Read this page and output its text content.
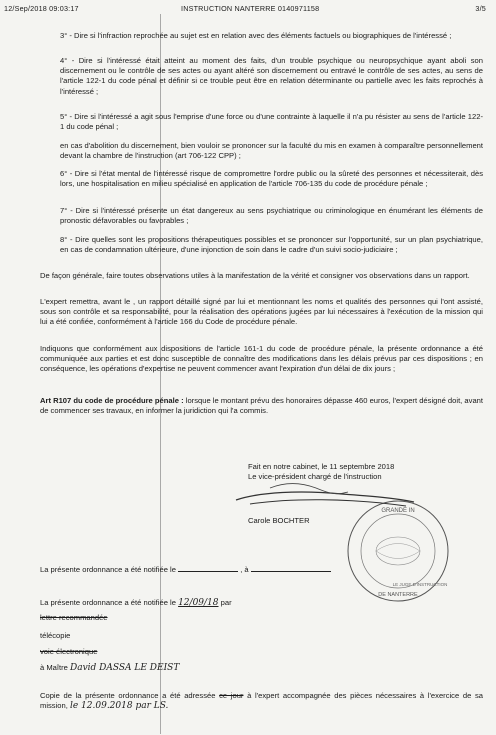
12/Sep/2018 09:03:17	INSTRUCTION NANTERRE 0140971158	3/5

3° - Dire si l'infraction reprochée au sujet est en relation avec des éléments factuels ou biographiques de l'intéressé ;

4° - Dire si l'intéressé était atteint au moment des faits, d'un trouble psychique ou neuropsychique ayant aboli son discernement ou le contrôle de ses actes ou ayant altéré son discernement ou entravé le contrôle de ses actes, au sens de l'article 122-1 du code pénal et définir si ce trouble peut être en relation déterminante ou partielle avec les faits reprochés à l'intéressé ;

5° - Dire si l'intéressé a agit sous l'emprise d'une force ou d'une contrainte à laquelle il n'a pu résister au sens de l'article 122-1 du code pénal ;

en cas d'abolition du discernement, bien vouloir se prononcer sur la faculté du mis en examen à comparaître personnellement devant la chambre de l'instruction (art 706-122 CPP) ;

6° - Dire si l'état mental de l'intéressé risque de compromettre l'ordre public ou la sûreté des personnes et nécessiterait, dès lors, une hospitalisation en milieu spécialisé en application de l'article 706-135 du code de procédure pénale ;

7° - Dire si l'intéressé présente un état dangereux au sens psychiatrique ou criminologique en énumérant les éléments de pronostic défavorables ou favorables ;

8° - Dire quelles sont les propositions thérapeutiques possibles et se prononcer sur l'opportunité, sur un plan psychiatrique, en cas de condamnation ultérieure, d'une injonction de soin dans le cadre d'un suivi socio-judiciaire ;

De façon générale, faire toutes observations utiles à la manifestation de la vérité et consigner vos observations dans un rapport.

L'expert remettra, avant le , un rapport détaillé signé par lui et mentionnant les noms et qualités des personnes qui l'ont assisté, sous son contrôle et sa responsabilité, pour la réalisation des opérations jugées par lui nécessaires à l'exécution de la mission qui lui a été confiée, conformément à l'article 166 du Code de procédure pénale.

Indiquons que conformément aux dispositions de l'article 161-1 du code de procédure pénale, la présente ordonnance a été communiquée aux parties et est donc susceptible de connaître des modifications dans les délais prévus par ces dispositions ; en conséquence, les opérations d'expertise ne peuvent commencer avant l'expiration d'un délai de dix jours ;

Art R107 du code de procédure pénale : lorsque le montant prévu des honoraires dépasse 460 euros, l'expert désigné doit, avant de commencer ses travaux, en informer la juridiction qui l'a commis.

Fait en notre cabinet, le 11 septembre 2018
Le vice-président chargé de l'instruction
GRANDE IN
DE NANTERRE
LE JUGE D'INSTRUCTION
Carole BOCHTER
La présente ordonnance a été notifiée le	, à
La présente ordonnance a été notifiée le 12/09/18 par
lettre recommandée
télécopie
voie électronique
à Maître David DASSA LE DEIST

Copie de la présente ordonnance a été adressée ce jour à l'expert accompagnée des pièces nécessaires à l'exercice de sa mission, le 12.09.2018 par LS.
